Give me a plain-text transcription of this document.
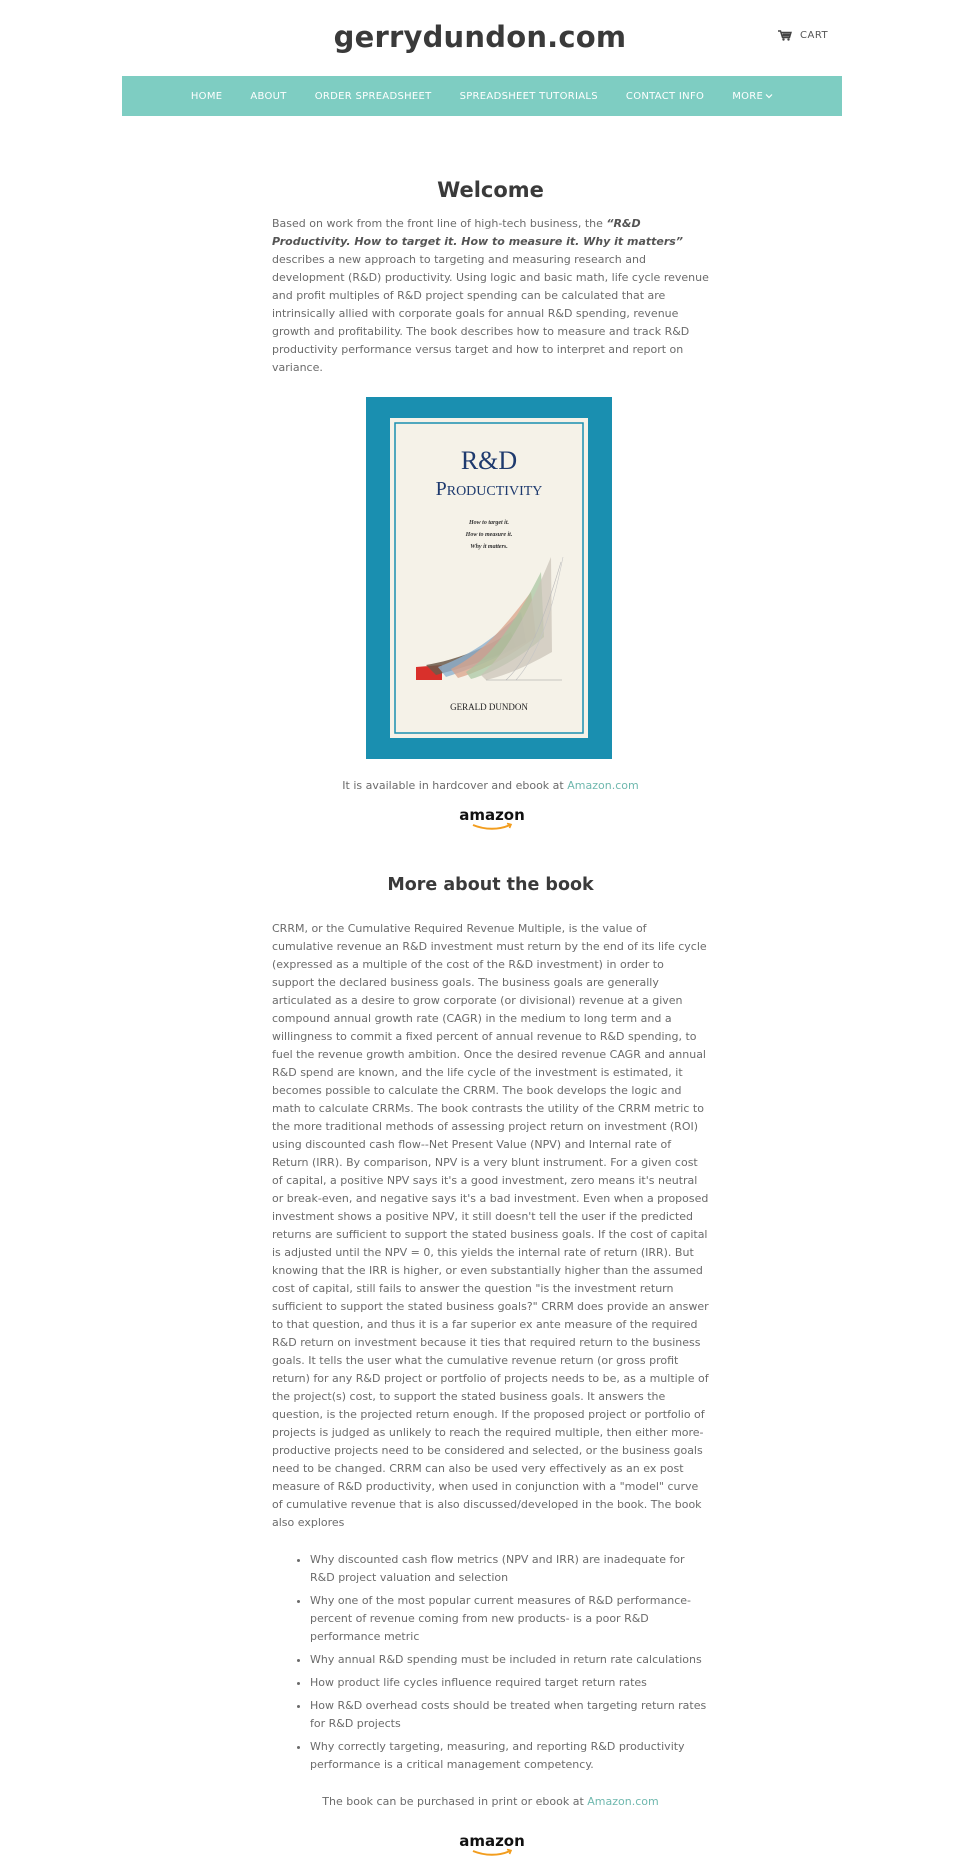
gerrydundon.com	CART
HOME	ABOUT	ORDER SPREADSHEET	SPREADSHEET TUTORIALS	CONTACT INFO	MORE
Welcome

Based on work from the front line of high-tech business, the “R&D Productivity. How to target it. How to measure it. Why it matters” describes a new approach to targeting and measuring research and development (R&D) productivity. Using logic and basic math, life cycle revenue and profit multiples of R&D project spending can be calculated that are intrinsically allied with corporate goals for annual R&D spending, revenue growth and profitability. The book describes how to measure and track R&D productivity performance versus target and how to interpret and report on variance.

R&D
Productivity
How to target it.
How to measure it.
Why it matters.
GERALD DUNDON

It is available in hardcover and ebook at Amazon.com

amazon
More about the book

CRRM, or the Cumulative Required Revenue Multiple, is the value of cumulative revenue an R&D investment must return by the end of its life cycle (expressed as a multiple of the cost of the R&D investment) in order to support the declared business goals. The business goals are generally articulated as a desire to grow corporate (or divisional) revenue at a given compound annual growth rate (CAGR) in the medium to long term and a willingness to commit a fixed percent of annual revenue to R&D spending, to fuel the revenue growth ambition. Once the desired revenue CAGR and annual R&D spend are known, and the life cycle of the investment is estimated, it becomes possible to calculate the CRRM. The book develops the logic and math to calculate CRRMs. The book contrasts the utility of the CRRM metric to the more traditional methods of assessing project return on investment (ROI) using discounted cash flow--Net Present Value (NPV) and Internal rate of Return (IRR). By comparison, NPV is a very blunt instrument. For a given cost of capital, a positive NPV says it's a good investment, zero means it's neutral or break-even, and negative says it's a bad investment. Even when a proposed investment shows a positive NPV, it still doesn't tell the user if the predicted returns are sufficient to support the stated business goals. If the cost of capital is adjusted until the NPV = 0, this yields the internal rate of return (IRR). But knowing that the IRR is higher, or even substantially higher than the assumed cost of capital, still fails to answer the question "is the investment return sufficient to support the stated business goals?" CRRM does provide an answer to that question, and thus it is a far superior ex ante measure of the required R&D return on investment because it ties that required return to the business goals. It tells the user what the cumulative revenue return (or gross profit return) for any R&D project or portfolio of projects needs to be, as a multiple of the project(s) cost, to support the stated business goals. It answers the question, is the projected return enough. If the proposed project or portfolio of projects is judged as unlikely to reach the required multiple, then either more-productive projects need to be considered and selected, or the business goals need to be changed. CRRM can also be used very effectively as an ex post measure of R&D productivity, when used in conjunction with a "model" curve of cumulative revenue that is also discussed/developed in the book. The book also explores

• Why discounted cash flow metrics (NPV and IRR) are inadequate for R&D project valuation and selection
• Why one of the most popular current measures of R&D performance- percent of revenue coming from new products- is a poor R&D performance metric
• Why annual R&D spending must be included in return rate calculations
• How product life cycles influence required target return rates
• How R&D overhead costs should be treated when targeting return rates for R&D projects
• Why correctly targeting, measuring, and reporting R&D productivity performance is a critical management competency.

The book can be purchased in print or ebook at Amazon.com

amazon
